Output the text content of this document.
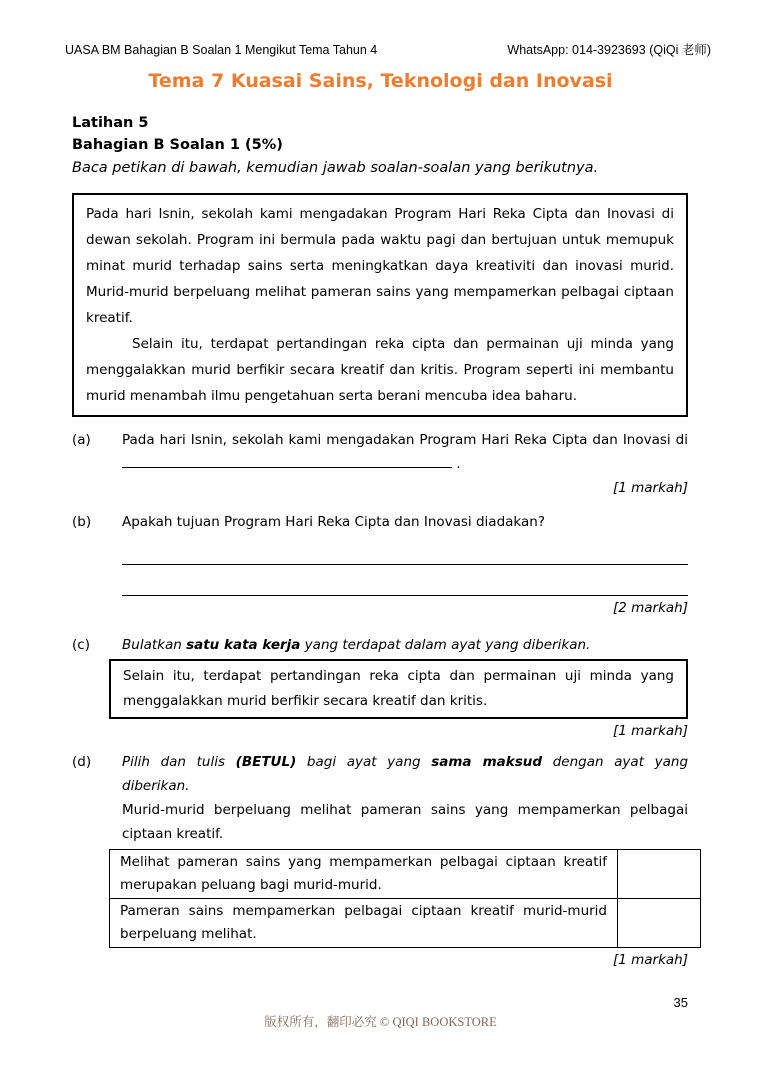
UASA BM Bahagian B Soalan 1 Mengikut Tema Tahun 4	WhatsApp: 014-3923693 (QiQi 老师)
Tema 7 Kuasai Sains, Teknologi dan Inovasi
Latihan 5
Bahagian B Soalan 1 (5%)
Baca petikan di bawah, kemudian jawab soalan-soalan yang berikutnya.

Pada hari Isnin, sekolah kami mengadakan Program Hari Reka Cipta dan Inovasi di dewan sekolah. Program ini bermula pada waktu pagi dan bertujuan untuk memupuk minat murid terhadap sains serta meningkatkan daya kreativiti dan inovasi murid. Murid-murid berpeluang melihat pameran sains yang mempamerkan pelbagai ciptaan kreatif.

Selain itu, terdapat pertandingan reka cipta dan permainan uji minda yang menggalakkan murid berfikir secara kreatif dan kritis. Program seperti ini membantu murid menambah ilmu pengetahuan serta berani mencuba idea baharu.

(a)	Pada hari Isnin, sekolah kami mengadakan Program Hari Reka Cipta dan Inovasi di  .
[1 markah]
(b)	Apakah tujuan Program Hari Reka Cipta dan Inovasi diadakan?
[2 markah]
(c)	Bulatkan satu kata kerja yang terdapat dalam ayat yang diberikan.
Selain itu, terdapat pertandingan reka cipta dan permainan uji minda yang menggalakkan murid berfikir secara kreatif dan kritis.
[1 markah]
(d)	Pilih dan tulis (BETUL) bagi ayat yang sama maksud dengan ayat yang diberikan.
Murid-murid berpeluang melihat pameran sains yang mempamerkan pelbagai ciptaan kreatif.
Melihat pameran sains yang mempamerkan pelbagai ciptaan kreatif merupakan peluang bagi murid-murid.	
Pameran sains mempamerkan pelbagai ciptaan kreatif murid-murid berpeluang melihat.	
[1 markah]
35
版权所有，翻印必究 © QIQI BOOKSTORE
